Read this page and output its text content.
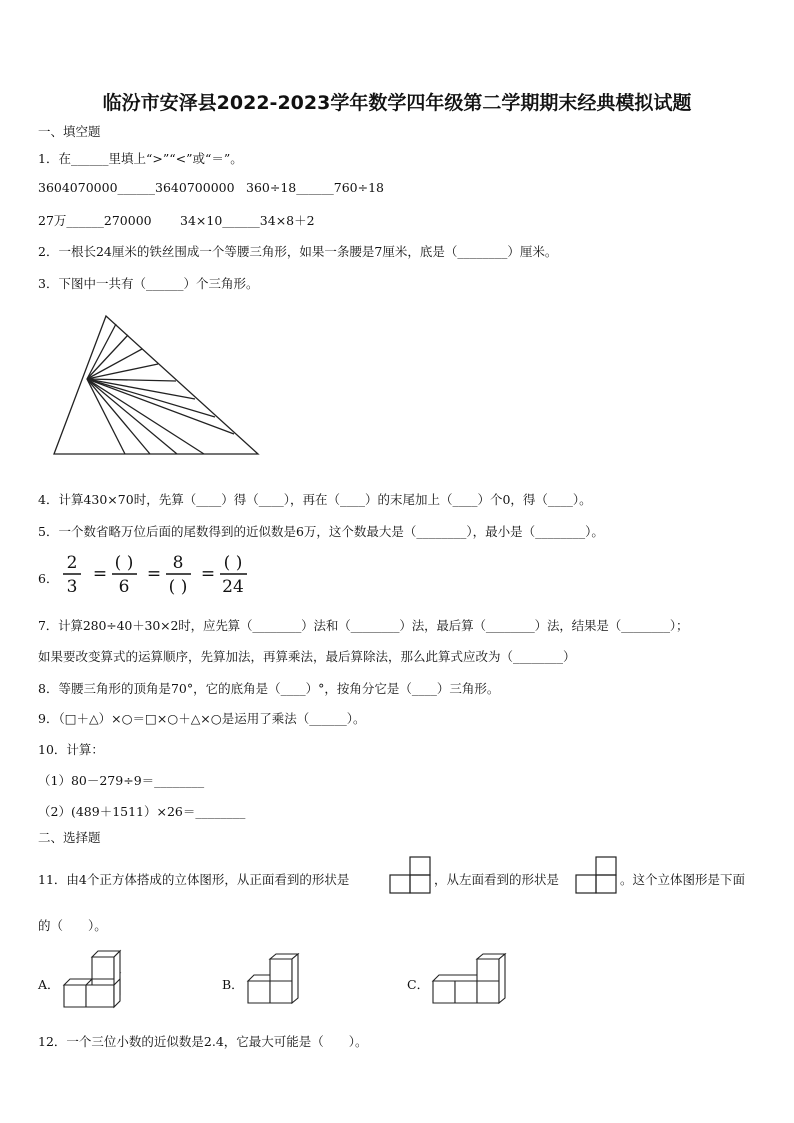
临汾市安泽县2022-2023学年数学四年级第二学期期末经典模拟试题
一、填空题
1．在______里填上“>”“<”或“＝”。
3604070000______3640700000 360÷18______760÷18
27万______270000 34×10______34×8＋2
2．一根长24厘米的铁丝围成一个等腰三角形，如果一条腰是7厘米，底是（________）厘米。
3．下图中一共有（______）个三角形。
4．计算430×70时，先算（____）得（____），再在（____）的末尾加上（____）个0，得（____）。
5．一个数省略万位后面的尾数得到的近似数是6万，这个数最大是（________），最小是（________）。
6．
2
3
=
( )
6
=
8
( )
=
( )
24
7．计算280÷40＋30×2时，应先算（________）法和（________）法，最后算（________）法，结果是（________）；
如果要改变算式的运算顺序，先算加法，再算乘法，最后算除法，那么此算式应改为（________）
8．等腰三角形的顶角是70°，它的底角是（____）°，按角分它是（____）三角形。
9．（□＋△）×○＝□×○＋△×○是运用了乘法（______）。
10．计算：
（1）80－279÷9＝________
（2）(489＋1511）×26＝________
二、选择题
11．由4个正方体搭成的立体图形，从正面看到的形状是	，从左面看到的形状是	。这个立体图形是下面
的（　　）。
A．	B．	C．
12．一个三位小数的近似数是2.4，它最大可能是（　　）。
